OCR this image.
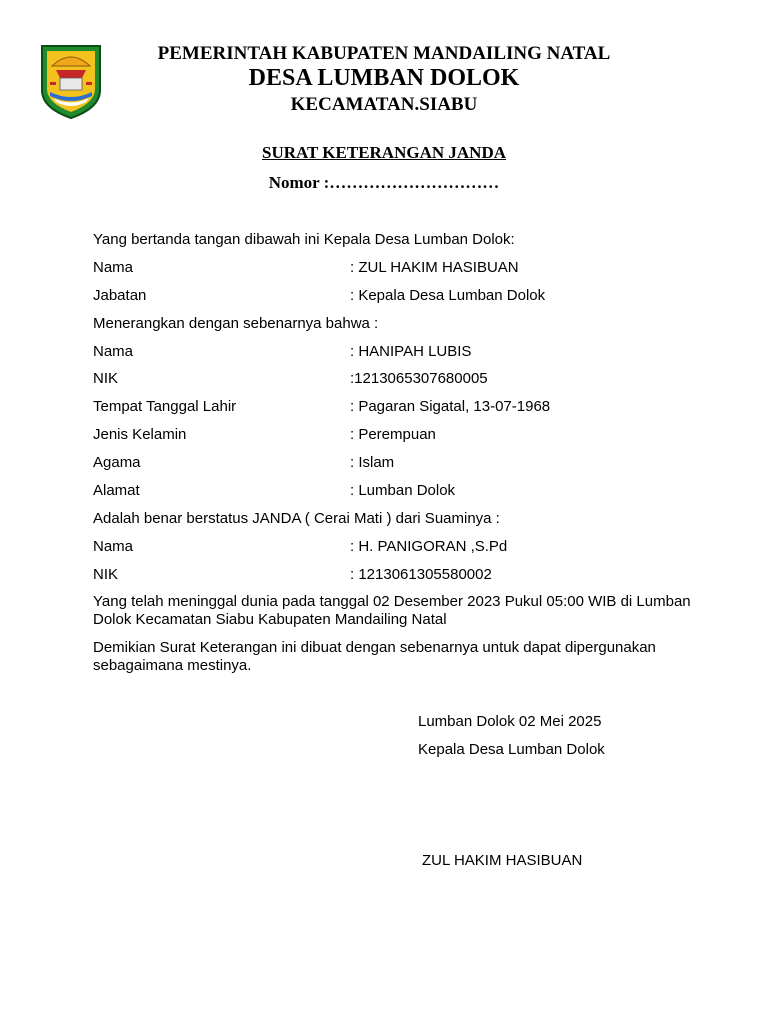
PEMERINTAH KABUPATEN MANDAILING NATAL
DESA LUMBAN DOLOK
KECAMATAN.SIABU
SURAT KETERANGAN JANDA
Nomor :…………………………
Yang bertanda tangan dibawah ini Kepala Desa Lumban Dolok:
Nama	: ZUL HAKIM HASIBUAN
Jabatan	: Kepala Desa Lumban Dolok
Menerangkan dengan sebenarnya bahwa :
Nama	: HANIPAH LUBIS
NIK	:1213065307680005
Tempat Tanggal Lahir	: Pagaran Sigatal, 13-07-1968
Jenis Kelamin	: Perempuan
Agama	: Islam
Alamat	: Lumban Dolok
Adalah benar berstatus JANDA ( Cerai Mati ) dari Suaminya :
Nama	: H. PANIGORAN ,S.Pd
NIK	: 1213061305580002
Yang telah meninggal dunia pada tanggal 02 Desember 2023 Pukul 05:00 WIB di Lumban Dolok Kecamatan Siabu Kabupaten Mandailing Natal
Demikian Surat Keterangan ini dibuat dengan sebenarnya untuk dapat dipergunakan sebagaimana mestinya.
Lumban Dolok 02 Mei 2025
Kepala Desa Lumban Dolok
ZUL HAKIM HASIBUAN
